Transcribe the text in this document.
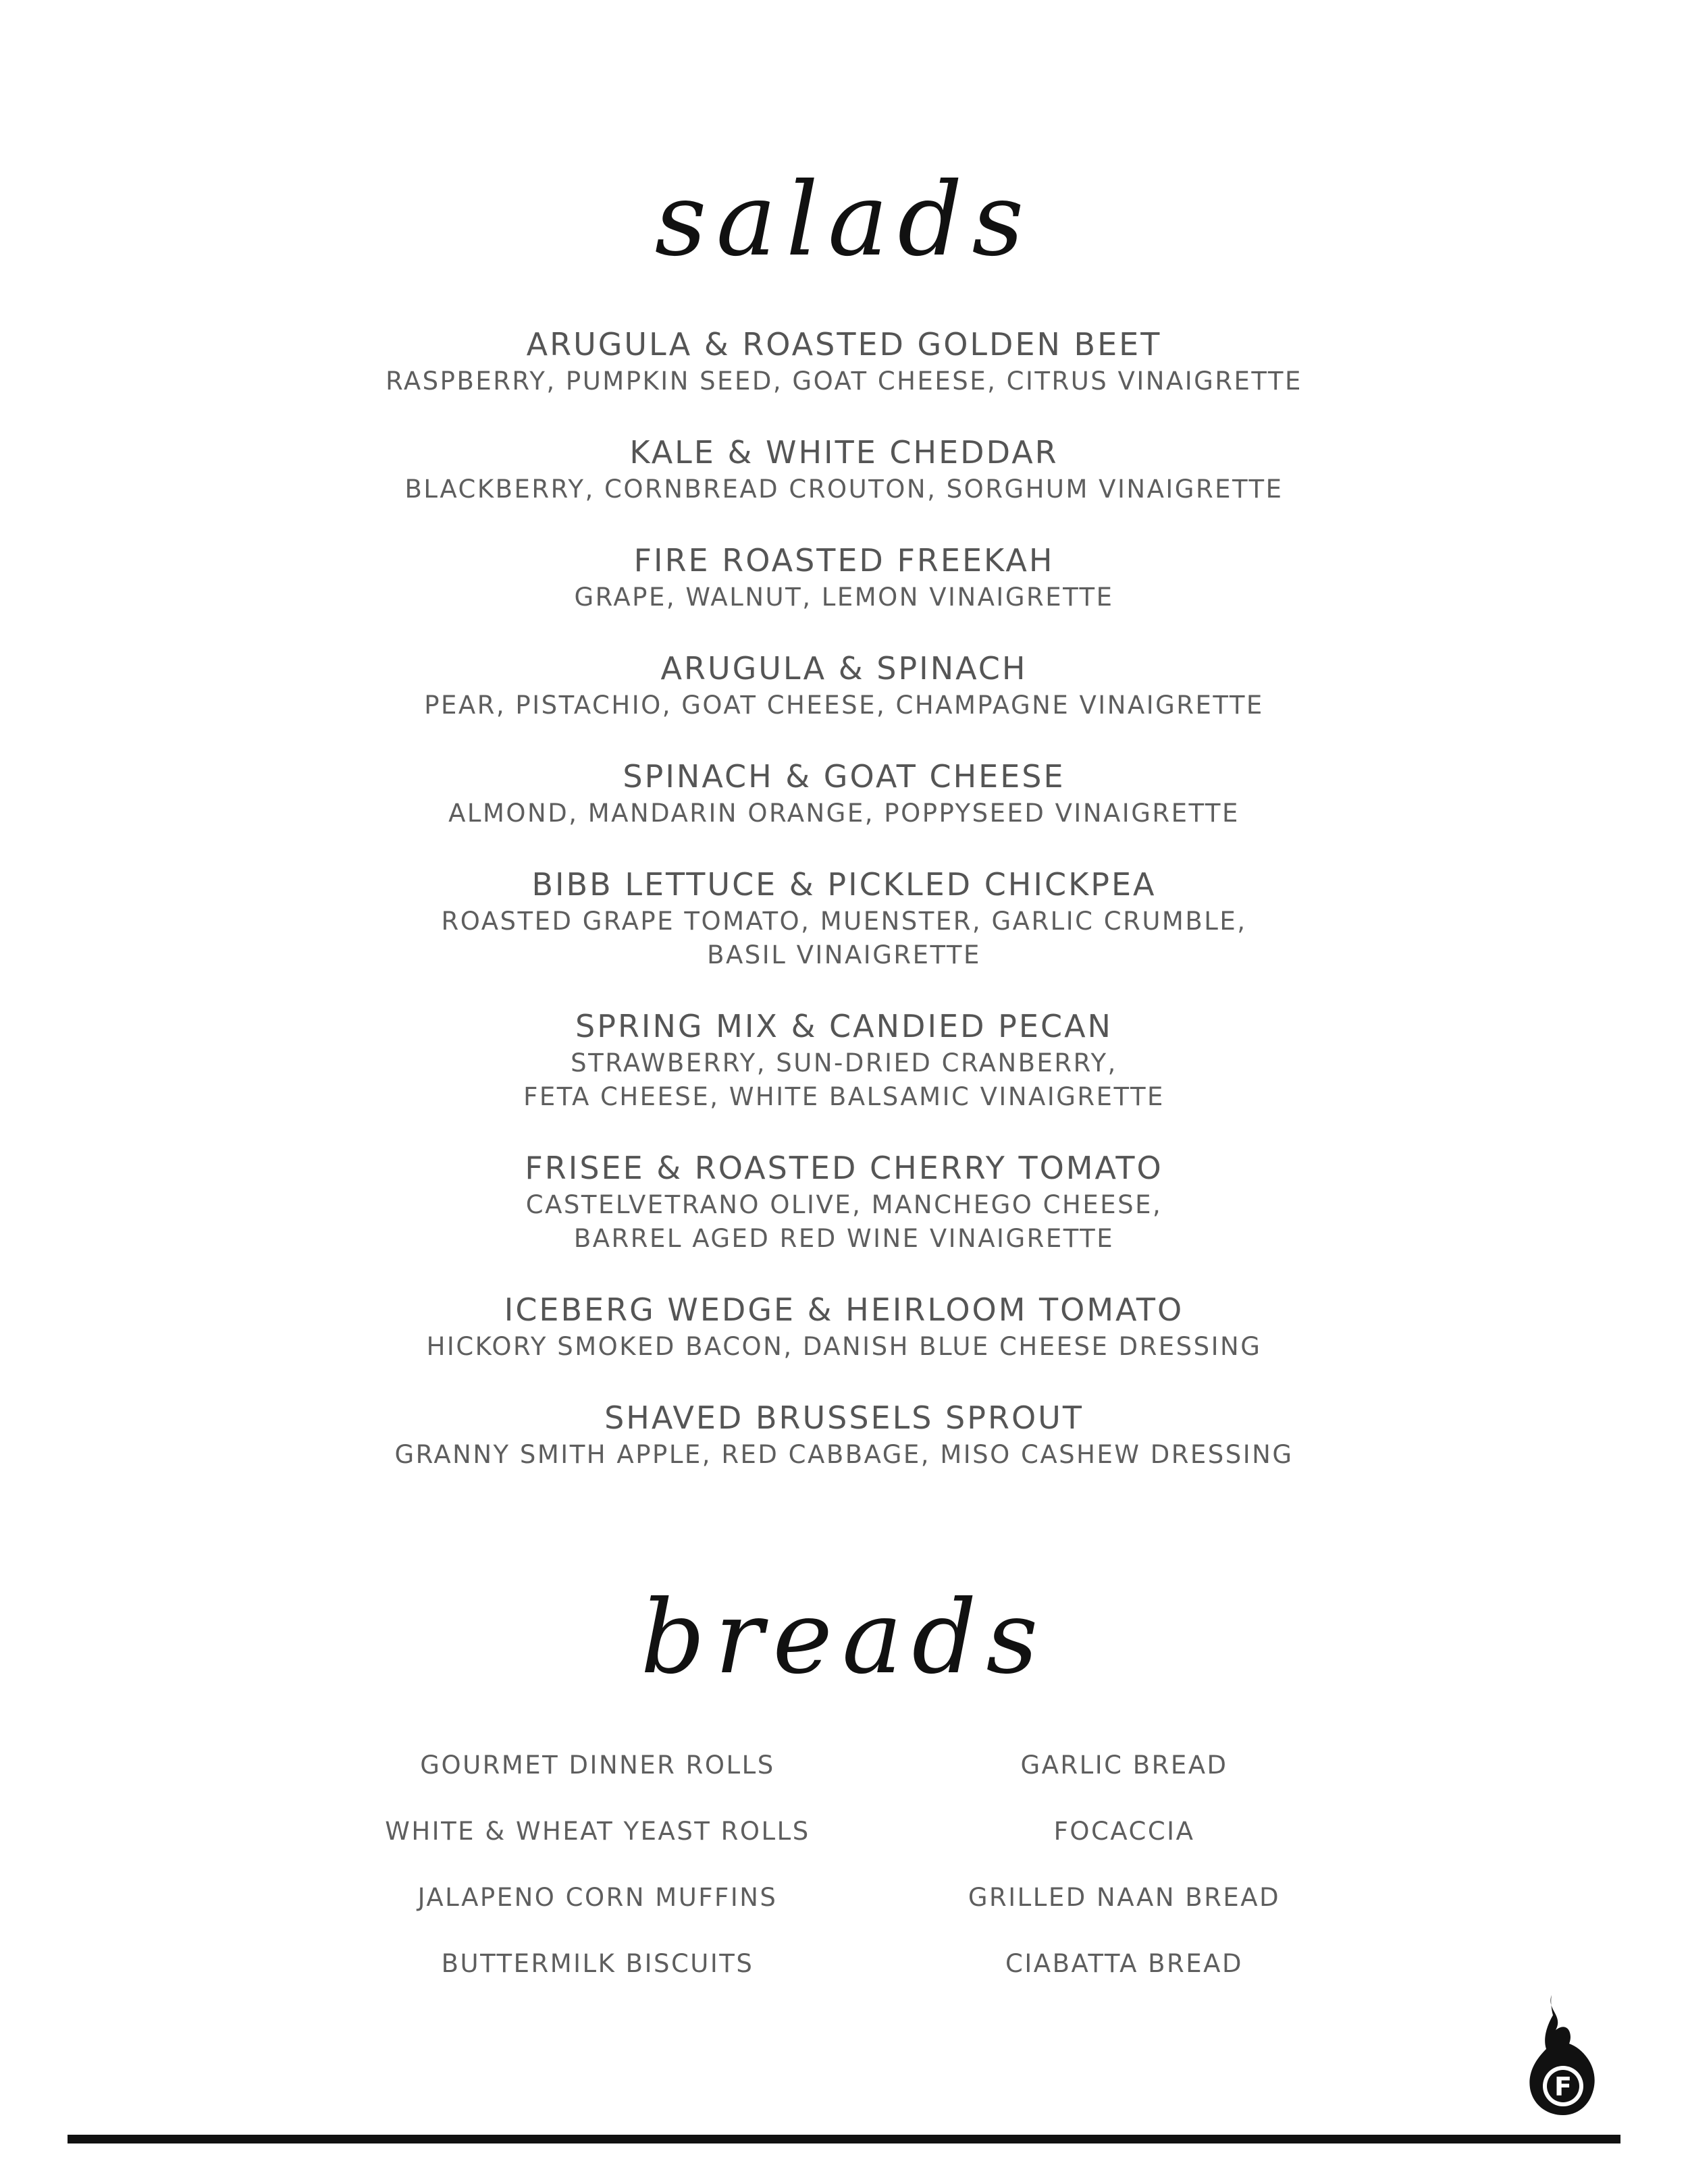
salads
ARUGULA & ROASTED GOLDEN BEET
RASPBERRY, PUMPKIN SEED, GOAT CHEESE, CITRUS VINAIGRETTE
KALE & WHITE CHEDDAR
BLACKBERRY, CORNBREAD CROUTON, SORGHUM VINAIGRETTE
FIRE ROASTED FREEKAH
GRAPE, WALNUT, LEMON VINAIGRETTE
ARUGULA & SPINACH
PEAR, PISTACHIO, GOAT CHEESE, CHAMPAGNE VINAIGRETTE
SPINACH & GOAT CHEESE
ALMOND, MANDARIN ORANGE, POPPYSEED VINAIGRETTE
BIBB LETTUCE & PICKLED CHICKPEA
ROASTED GRAPE TOMATO, MUENSTER, GARLIC CRUMBLE,
BASIL VINAIGRETTE
SPRING MIX & CANDIED PECAN
STRAWBERRY, SUN-DRIED CRANBERRY,
FETA CHEESE, WHITE BALSAMIC VINAIGRETTE
FRISEE & ROASTED CHERRY TOMATO
CASTELVETRANO OLIVE, MANCHEGO CHEESE,
BARREL AGED RED WINE VINAIGRETTE
ICEBERG WEDGE & HEIRLOOM TOMATO
HICKORY SMOKED BACON, DANISH BLUE CHEESE DRESSING
SHAVED BRUSSELS SPROUT
GRANNY SMITH APPLE, RED CABBAGE, MISO CASHEW DRESSING
breads
GOURMET DINNER ROLLS
WHITE & WHEAT YEAST ROLLS
JALAPENO CORN MUFFINS
BUTTERMILK BISCUITS
GARLIC BREAD
FOCACCIA
GRILLED NAAN BREAD
CIABATTA BREAD
F
